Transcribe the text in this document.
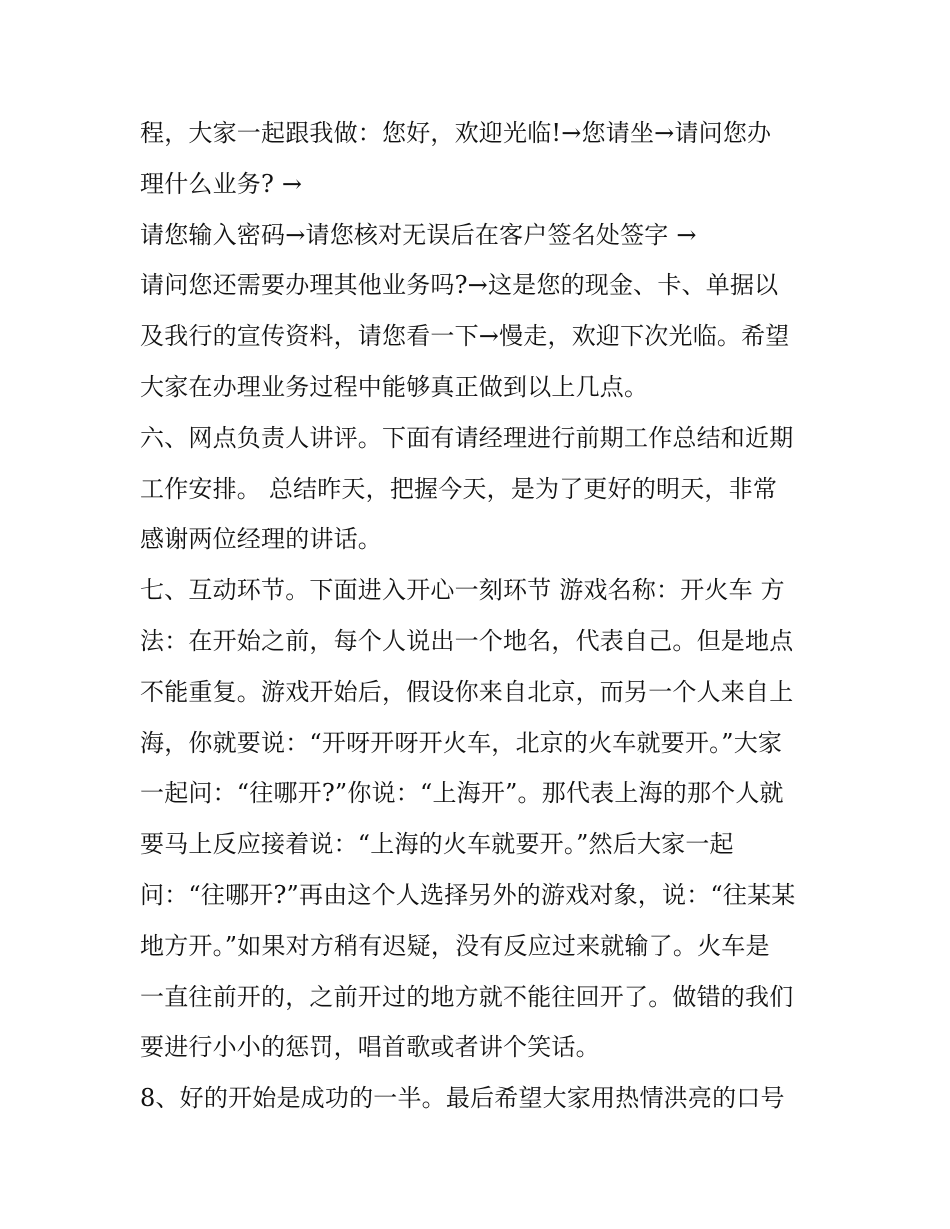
程，大家一起跟我做：您好，欢迎光临!→您请坐→请问您办
理什么业务? →
请您输入密码→请您核对无误后在客户签名处签字 →
请问您还需要办理其他业务吗?→这是您的现金、卡、单据以
及我行的宣传资料，请您看一下→慢走，欢迎下次光临。希望
大家在办理业务过程中能够真正做到以上几点。
六、网点负责人讲评。下面有请经理进行前期工作总结和近期
工作安排。 总结昨天，把握今天，是为了更好的明天，非常
感谢两位经理的讲话。
七、互动环节。下面进入开心一刻环节 游戏名称：开火车 方
法：在开始之前，每个人说出一个地名，代表自己。但是地点
不能重复。游戏开始后，假设你来自北京，而另一个人来自上
海，你就要说：“开呀开呀开火车，北京的火车就要开。”大家
一起问：“往哪开?”你说：“上海开”。那代表上海的那个人就
要马上反应接着说：“上海的火车就要开。”然后大家一起
问：“往哪开?”再由这个人选择另外的游戏对象，说：“往某某
地方开。”如果对方稍有迟疑，没有反应过来就输了。火车是
一直往前开的，之前开过的地方就不能往回开了。做错的我们
要进行小小的惩罚，唱首歌或者讲个笑话。
8、好的开始是成功的一半。最后希望大家用热情洪亮的口号
